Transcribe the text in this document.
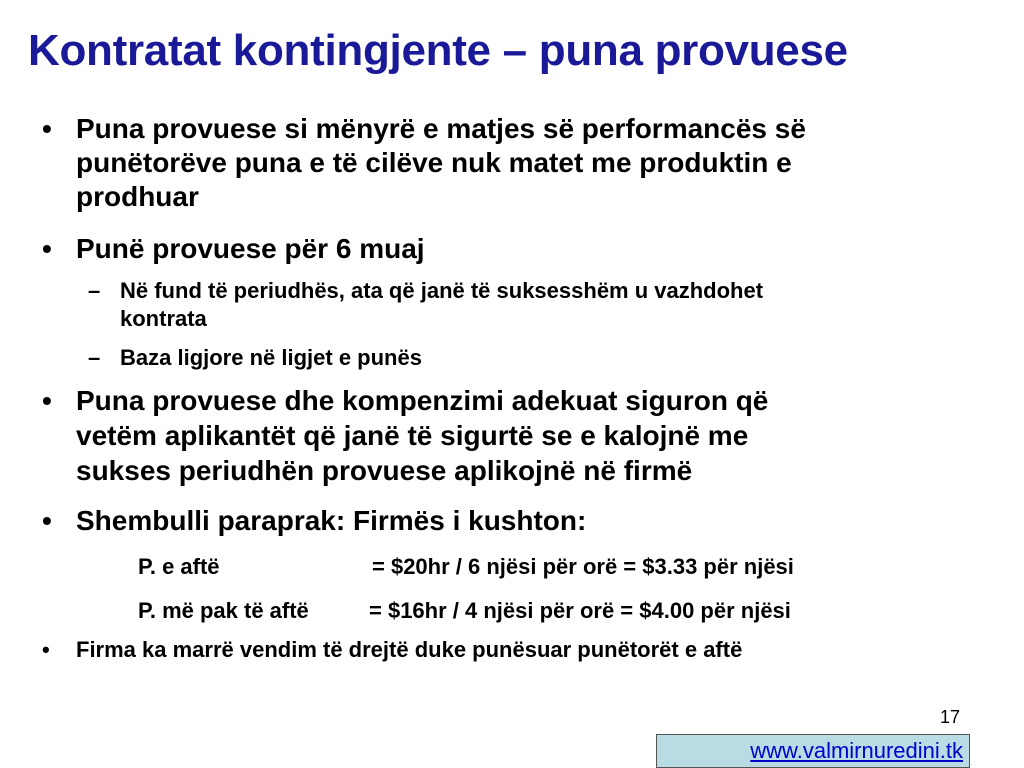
Kontratat kontingjente – puna provuese
• Puna provuese si mënyrë e matjes së performancës së
punëtorëve puna e të cilëve nuk matet me produktin e
prodhuar
• Punë provuese për 6 muaj
– Në fund të periudhës, ata që janë të suksesshëm u vazhdohet
kontrata
– Baza ligjore në ligjet e punës
• Puna provuese dhe kompenzimi adekuat siguron që
vetëm aplikantët që janë të sigurtë se e kalojnë me
sukses periudhën provuese aplikojnë në firmë
• Shembulli paraprak: Firmës i kushton:
P. e aftë	= $20hr / 6 njësi për orë = $3.33 për njësi
P. më pak të aftë	= $16hr / 4 njësi për orë = $4.00 për njësi
• Firma ka marrë vendim të drejtë duke punësuar punëtorët e aftë
17
www.valmirnuredini.tk
